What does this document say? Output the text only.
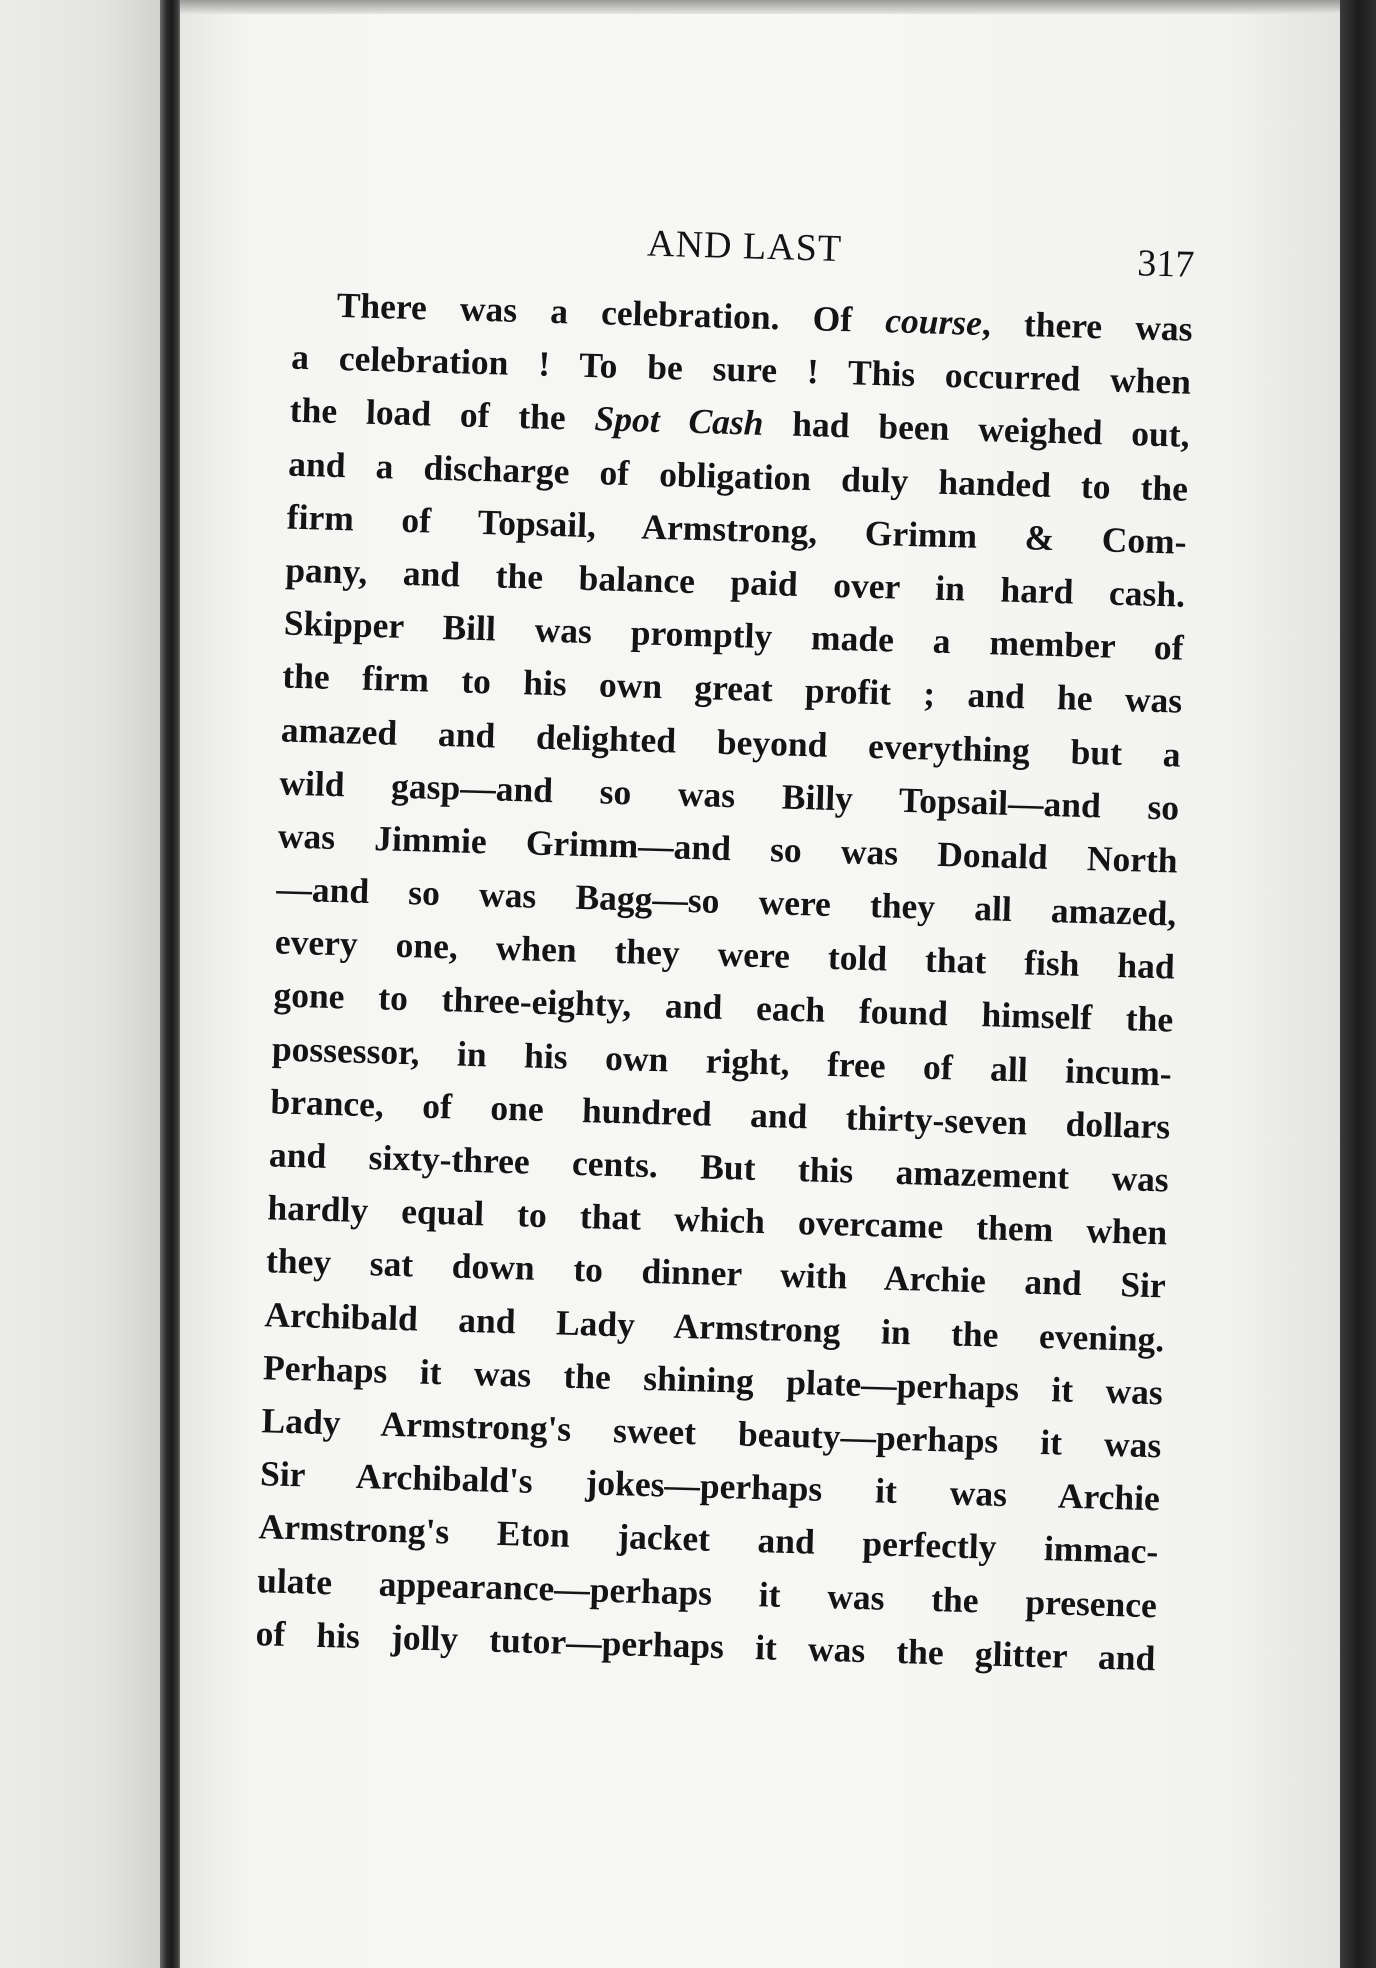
AND LAST	317
There was a celebration. Of course, there was
a celebration ! To be sure ! This occurred when
the load of the Spot Cash had been weighed out,
and a discharge of obligation duly handed to the
firm of Topsail, Armstrong, Grimm & Com-
pany, and the balance paid over in hard cash.
Skipper Bill was promptly made a member of
the firm to his own great profit ; and he was
amazed and delighted beyond everything but a
wild gasp—and so was Billy Topsail—and so
was Jimmie Grimm—and so was Donald North
—and so was Bagg—so were they all amazed,
every one, when they were told that fish had
gone to three-eighty, and each found himself the
possessor, in his own right, free of all incum-
brance, of one hundred and thirty-seven dollars
and sixty-three cents. But this amazement was
hardly equal to that which overcame them when
they sat down to dinner with Archie and Sir
Archibald and Lady Armstrong in the evening.
Perhaps it was the shining plate—perhaps it was
Lady Armstrong's sweet beauty—perhaps it was
Sir Archibald's jokes—perhaps it was Archie
Armstrong's Eton jacket and perfectly immac-
ulate appearance—perhaps it was the presence
of his jolly tutor—perhaps it was the glitter and
